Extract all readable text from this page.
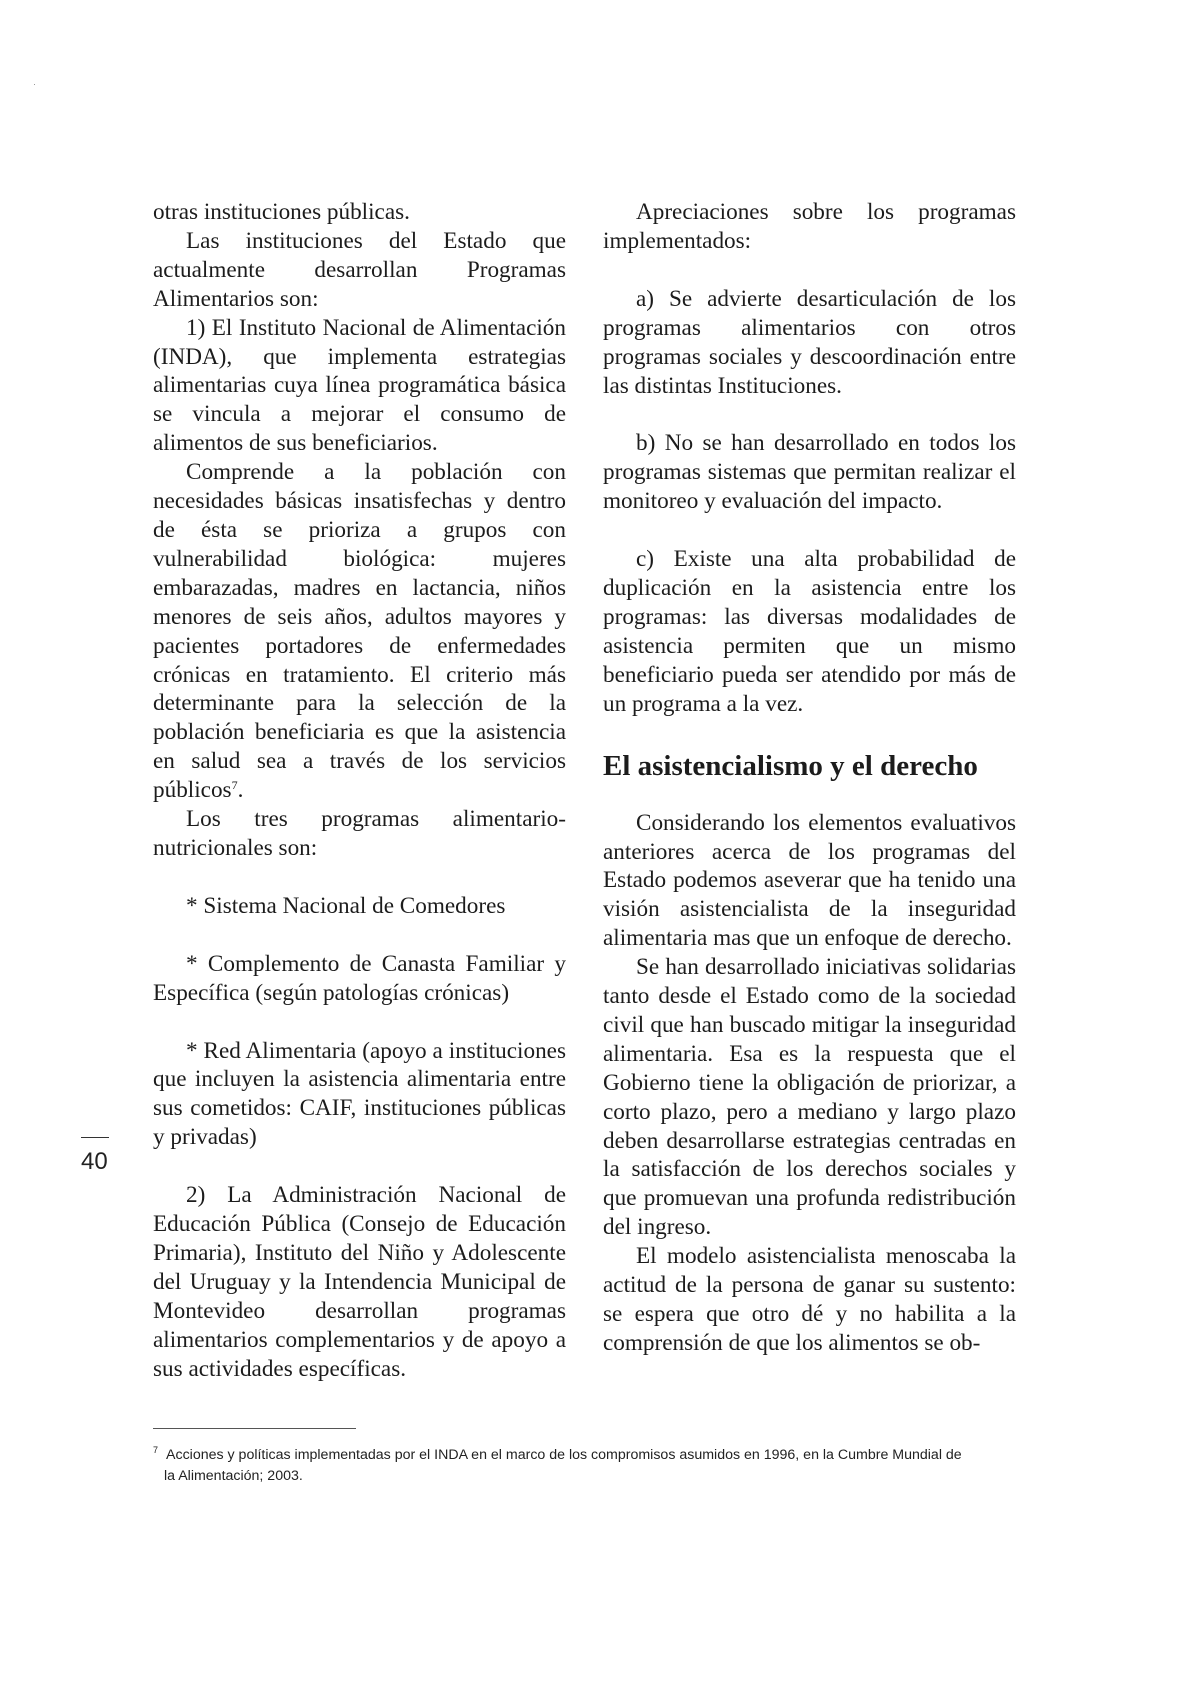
otras instituciones públicas.

Las instituciones del Estado que actualmente desarrollan Programas Alimentarios son:

1) El Instituto Nacional de Alimentación (INDA), que implementa estrategias alimentarias cuya línea programática básica se vincula a mejorar el consumo de alimentos de sus beneficiarios.

Comprende a la población con necesidades básicas insatisfechas y dentro de ésta se prioriza a grupos con vulnerabilidad biológica: mujeres embarazadas, madres en lactancia, niños menores de seis años, adultos mayores y pacientes portadores de enfermedades crónicas en tratamiento. El criterio más determinante para la selección de la población beneficiaria es que la asistencia en salud sea a través de los servicios públicos$^7$.

Los tres programas alimentario-nutricionales son:

* Sistema Nacional de Comedores

* Complemento de Canasta Familiar y Específica (según patologías crónicas)

* Red Alimentaria (apoyo a instituciones que incluyen la asistencia alimentaria entre sus cometidos: CAIF, instituciones públicas y privadas)

2) La Administración Nacional de Educación Pública (Consejo de Educación Primaria), Instituto del Niño y Adolescente del Uruguay y la Intendencia Municipal de Montevideo desarrollan programas alimentarios complementarios y de apoyo a sus actividades específicas.

Apreciaciones sobre los programas implementados:

a) Se advierte desarticulación de los programas alimentarios con otros programas sociales y descoordinación entre las distintas Instituciones.

b) No se han desarrollado en todos los programas sistemas que permitan realizar el monitoreo y evaluación del impacto.

c) Existe una alta probabilidad de duplicación en la asistencia entre los programas: las diversas modalidades de asistencia permiten que un mismo beneficiario pueda ser atendido por más de un programa a la vez.

El asistencialismo y el derecho

Considerando los elementos evaluativos anteriores acerca de los programas del Estado podemos aseverar que ha tenido una visión asistencialista de la inseguridad alimentaria mas que un enfoque de derecho.

Se han desarrollado iniciativas solidarias tanto desde el Estado como de la sociedad civil que han buscado mitigar la inseguridad alimentaria. Esa es la respuesta que el Gobierno tiene la obligación de priorizar, a corto plazo, pero a mediano y largo plazo deben desarrollarse estrategias centradas en la satisfacción de los derechos sociales y que promuevan una profunda redistribución del ingreso.

El modelo asistencialista menoscaba la actitud de la persona de ganar su sustento: se espera que otro dé y no habilita a la comprensión de que los alimentos se ob-

40

$^7$ Acciones y políticas implementadas por el INDA en el marco de los compromisos asumidos en 1996, en la Cumbre Mundial de

la Alimentación; 2003.
